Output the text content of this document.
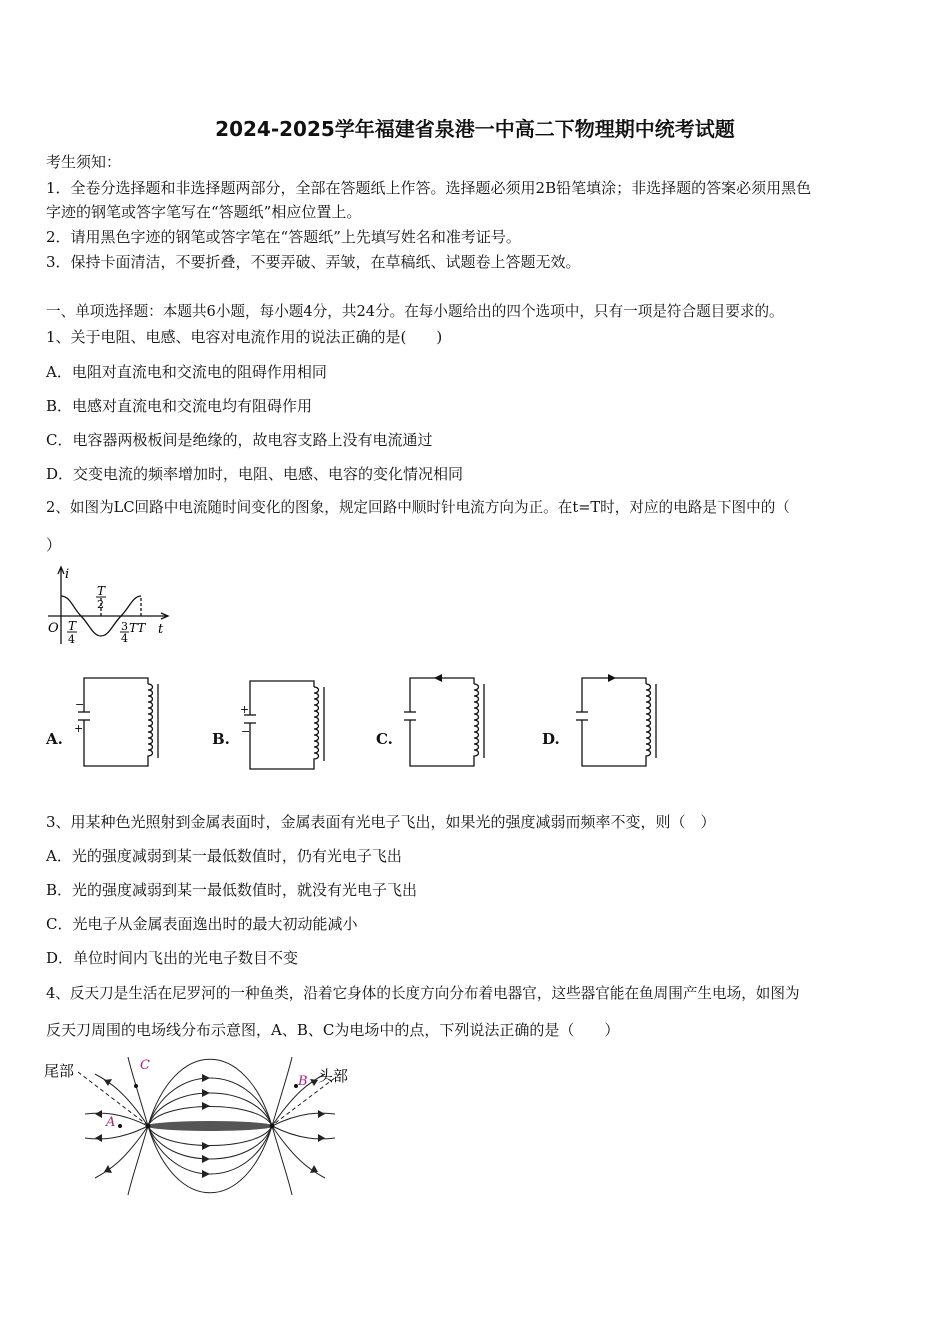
2024-2025学年福建省泉港一中高二下物理期中统考试题
考生须知：
1．全卷分选择题和非选择题两部分，全部在答题纸上作答。选择题必须用2B铅笔填涂；非选择题的答案必须用黑色
字迹的钢笔或答字笔写在“答题纸”相应位置上。
2．请用黑色字迹的钢笔或答字笔在“答题纸”上先填写姓名和准考证号。
3．保持卡面清洁，不要折叠，不要弄破、弄皱，在草稿纸、试题卷上答题无效。
一、单项选择题：本题共6小题，每小题4分，共24分。在每小题给出的四个选项中，只有一项是符合题目要求的。
1、关于电阻、电感、电容对电流作用的说法正确的是(　　)
A．电阻对直流电和交流电的阻碍作用相同
B．电感对直流电和交流电均有阻碍作用
C．电容器两极板间是绝缘的，故电容支路上没有电流通过
D．交变电流的频率增加时，电阻、电感、电容的变化情况相同
2、如图为LC回路中电流随时间变化的图象，规定回路中顺时针电流方向为正。在t=T时，对应的电路是下图中的（
）
i
t
O T
4
T
2
3
4
TT
A.	B.	C.	D.
−
+
+
−
3、用某种色光照射到金属表面时，金属表面有光电子飞出，如果光的强度减弱而频率不变，则（　）
A．光的强度减弱到某一最低数值时，仍有光电子飞出
B．光的强度减弱到某一最低数值时，就没有光电子飞出
C．光电子从金属表面逸出时的最大初动能减小
D．单位时间内飞出的光电子数目不变
4、反天刀是生活在尼罗河的一种鱼类，沿着它身体的长度方向分布着电器官，这些器官能在鱼周围产生电场，如图为
反天刀周围的电场线分布示意图，A、B、C为电场中的点，下列说法正确的是（　　）
尾部	头部
A
B
C
